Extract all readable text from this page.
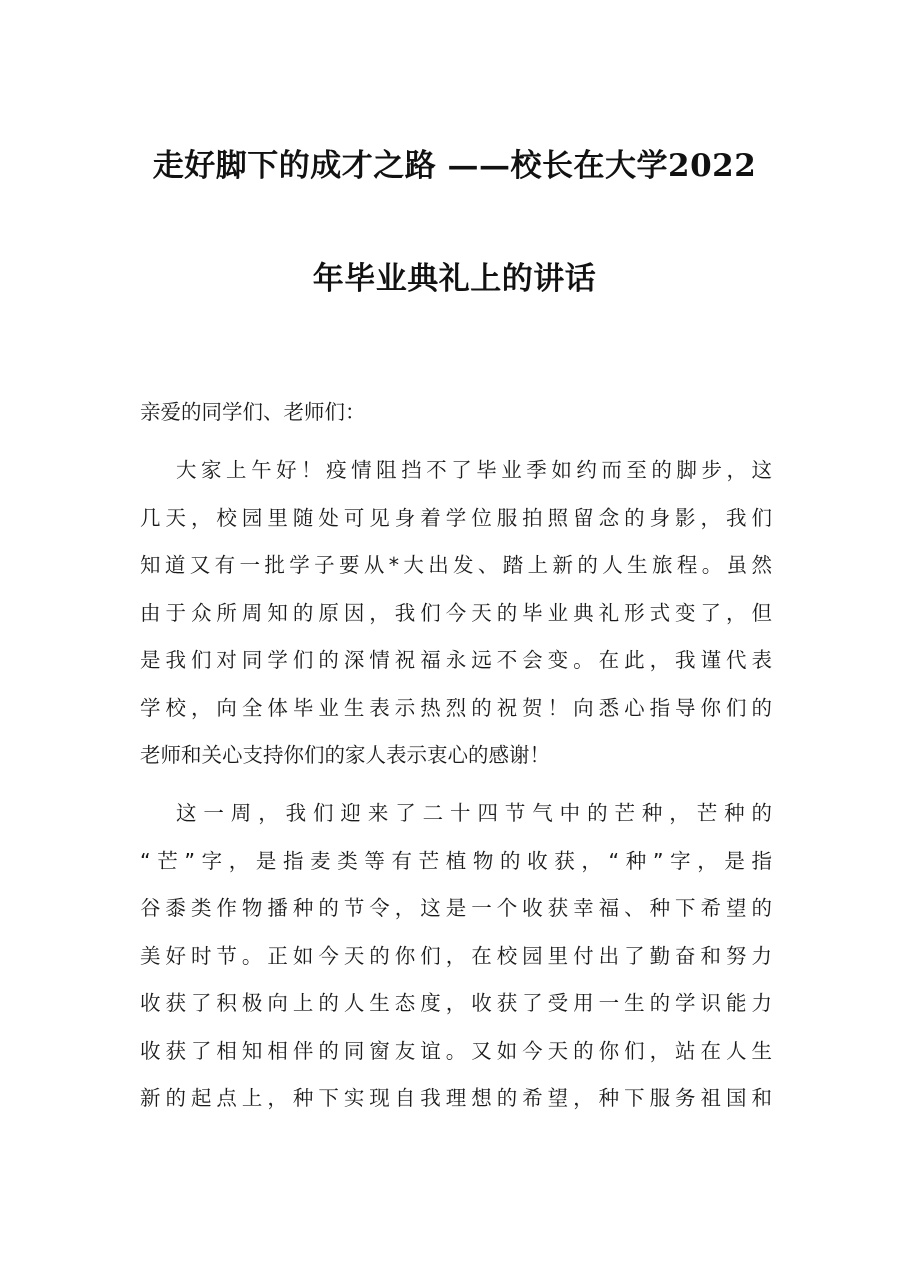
走好脚下的成才之路 ——校长在大学2022
年毕业典礼上的讲话
亲爱的同学们、老师们：
大家上午好！疫情阻挡不了毕业季如约而至的脚步，这
几天，校园里随处可见身着学位服拍照留念的身影，我们
知道又有一批学子要从*大出发、踏上新的人生旅程。虽然
由于众所周知的原因，我们今天的毕业典礼形式变了，但
是我们对同学们的深情祝福永远不会变。在此，我谨代表
学校，向全体毕业生表示热烈的祝贺！向悉心指导你们的
老师和关心支持你们的家人表示衷心的感谢！
这一周，我们迎来了二十四节气中的芒种，芒种的
“芒”字，是指麦类等有芒植物的收获，“种”字，是指
谷黍类作物播种的节令，这是一个收获幸福、种下希望的
美好时节。正如今天的你们，在校园里付出了勤奋和努力
收获了积极向上的人生态度，收获了受用一生的学识能力
收获了相知相伴的同窗友谊。又如今天的你们，站在人生
新的起点上，种下实现自我理想的希望，种下服务祖国和
